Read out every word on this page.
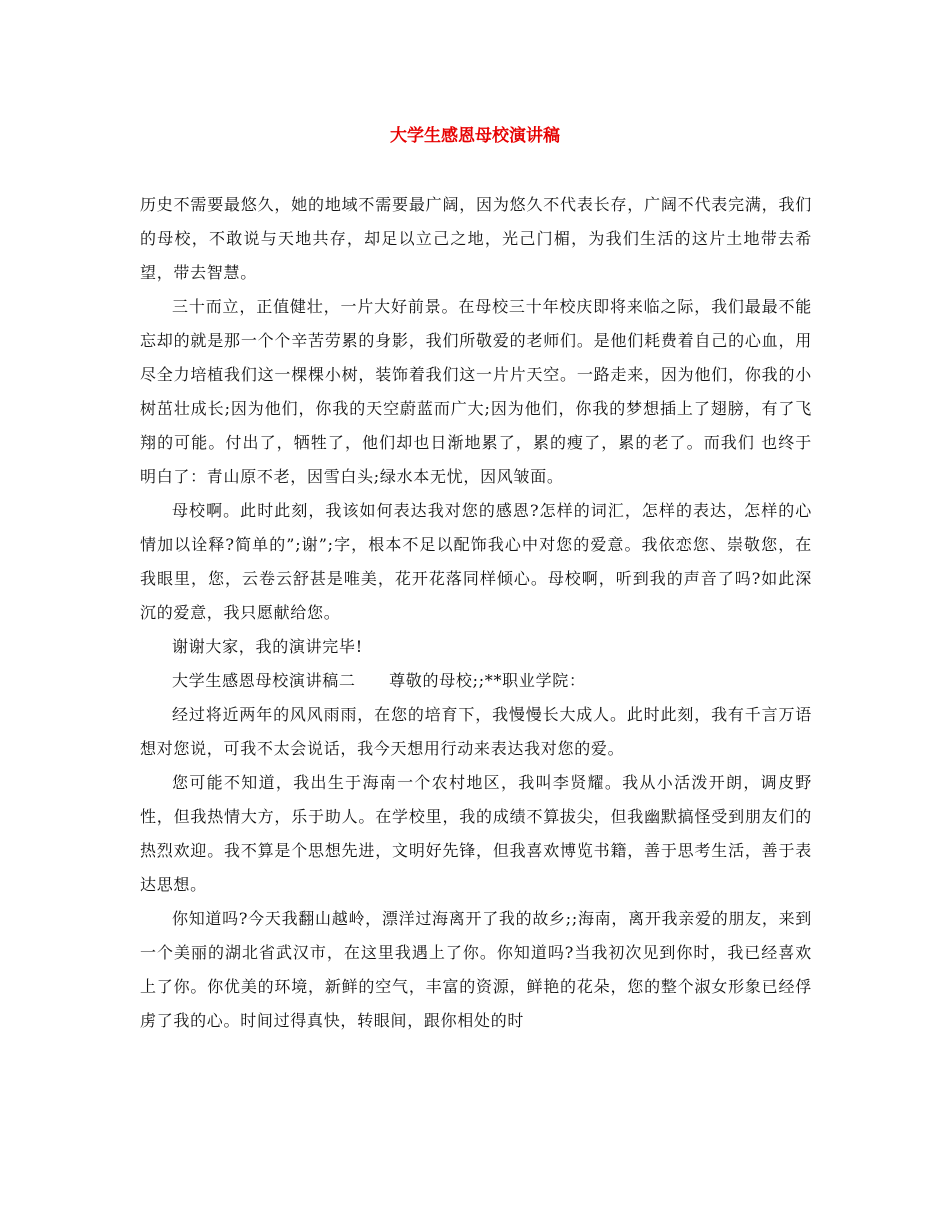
大学生感恩母校演讲稿

历史不需要最悠久，她的地域不需要最广阔，因为悠久不代表长存，广阔不代表完满，我们的母校，不敢说与天地共存，却足以立己之地，光己门楣，为我们生活的这片土地带去希望，带去智慧。

三十而立，正值健壮，一片大好前景。在母校三十年校庆即将来临之际，我们最最不能忘却的就是那一个个辛苦劳累的身影，我们所敬爱的老师们。是他们耗费着自己的心血，用尽全力培植我们这一棵棵小树，装饰着我们这一片片天空。一路走来，因为他们，你我的小树茁壮成长;因为他们，你我的天空蔚蓝而广大;因为他们，你我的梦想插上了翅膀，有了飞翔的可能。付出了，牺牲了，他们却也日渐地累了，累的瘦了，累的老了。而我们 也终于明白了：青山原不老，因雪白头;绿水本无忧，因风皱面。

母校啊。此时此刻，我该如何表达我对您的感恩?怎样的词汇，怎样的表达，怎样的心情加以诠释?简单的”;谢”;字，根本不足以配饰我心中对您的爱意。我依恋您、崇敬您，在我眼里，您，云卷云舒甚是唯美，花开花落同样倾心。母校啊，听到我的声音了吗?如此深沉的爱意，我只愿献给您。

谢谢大家，我的演讲完毕!

大学生感恩母校演讲稿二　　尊敬的母校;;**职业学院：

经过将近两年的风风雨雨，在您的培育下，我慢慢长大成人。此时此刻，我有千言万语想对您说，可我不太会说话，我今天想用行动来表达我对您的爱。

您可能不知道，我出生于海南一个农村地区，我叫李贤耀。我从小活泼开朗，调皮野性，但我热情大方，乐于助人。在学校里，我的成绩不算拔尖，但我幽默搞怪受到朋友们的热烈欢迎。我不算是个思想先进，文明好先锋，但我喜欢博览书籍，善于思考生活，善于表达思想。

你知道吗?今天我翻山越岭，漂洋过海离开了我的故乡;;海南，离开我亲爱的朋友，来到一个美丽的湖北省武汉市，在这里我遇上了你。你知道吗?当我初次见到你时，我已经喜欢上了你。你优美的环境，新鲜的空气，丰富的资源，鲜艳的花朵，您的整个淑女形象已经俘虏了我的心。时间过得真快，转眼间，跟你相处的时
